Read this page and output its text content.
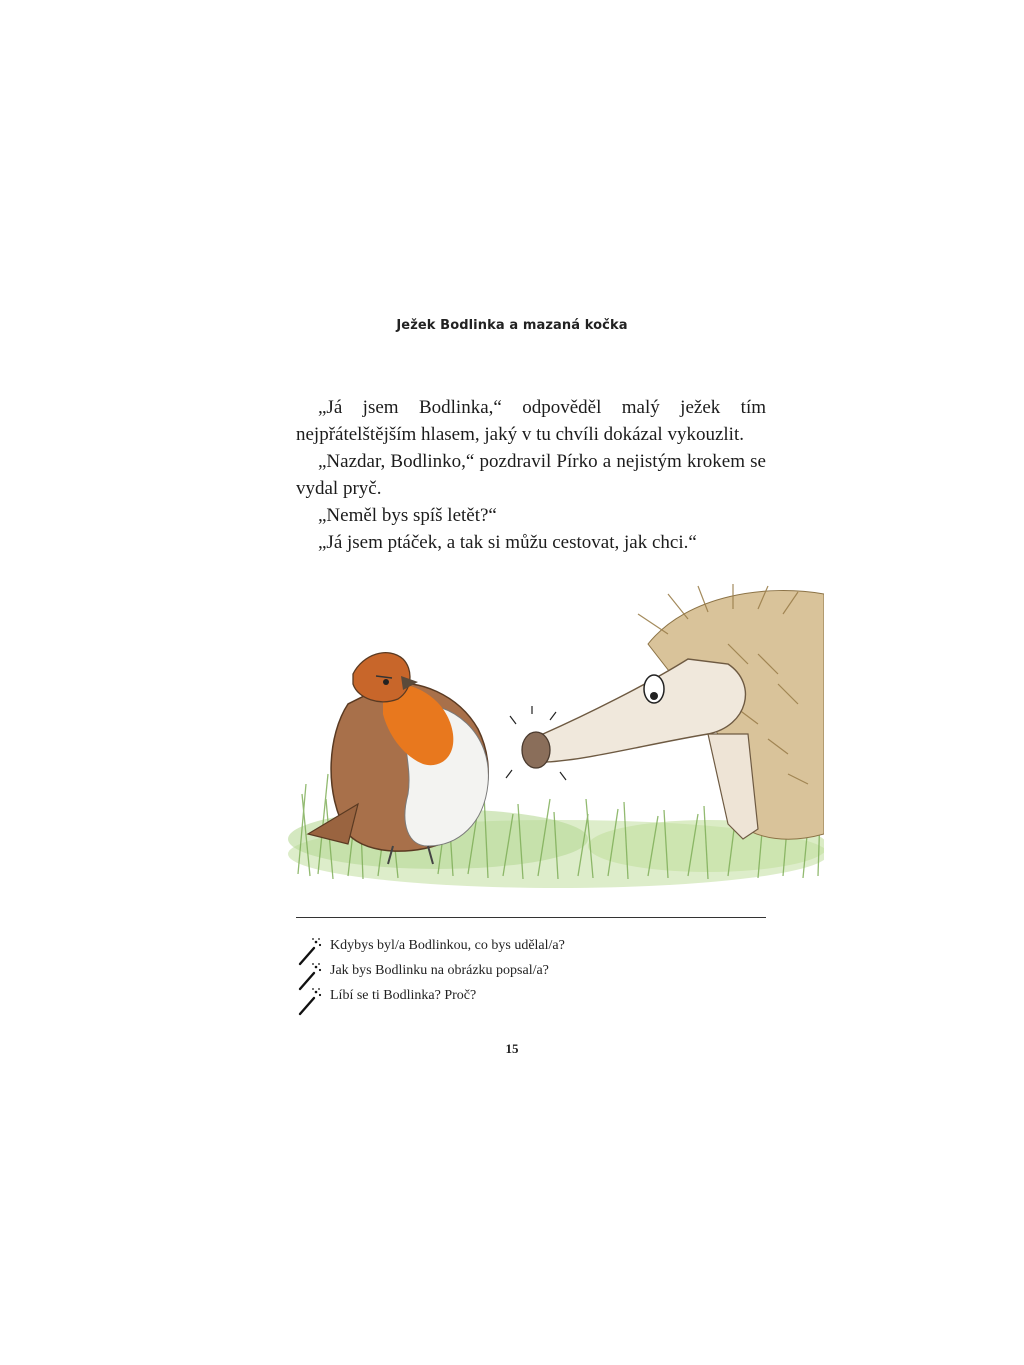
Ježek Bodlinka a mazaná kočka

„Já jsem Bodlinka,“ odpověděl malý ježek tím nejpřátelštějším hlasem, jaký v tu chvíli dokázal vykouzlit.

„Nazdar, Bodlinko,“ pozdravil Pírko a nejistým krokem se vydal pryč.

„Neměl bys spíš letět?“

„Já jsem ptáček, a tak si můžu cestovat, jak chci.“

Kdybys byl/a Bodlinkou, co bys udělal/a?
Jak bys Bodlinku na obrázku popsal/a?
Líbí se ti Bodlinka? Proč?
15
